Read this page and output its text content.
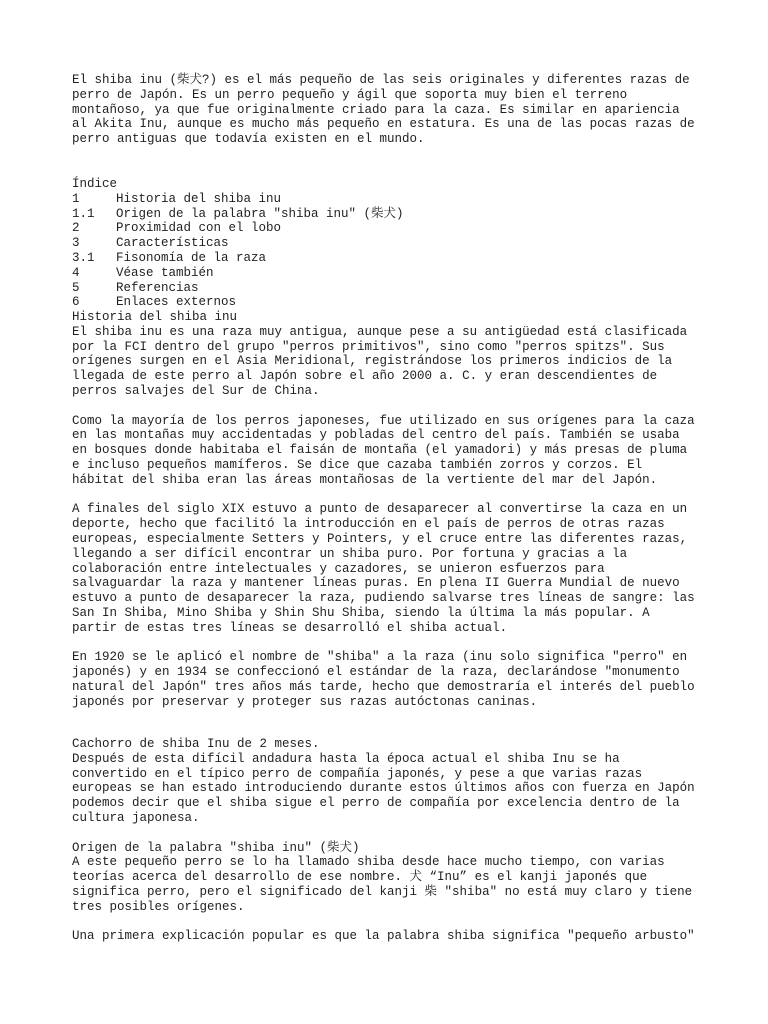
El shiba inu (柴犬?) es el más pequeño de las seis originales y diferentes razas de
perro de Japón. Es un perro pequeño y ágil que soporta muy bien el terreno
montañoso, ya que fue originalmente criado para la caza. Es similar en apariencia
al Akita Inu, aunque es mucho más pequeño en estatura. Es una de las pocas razas de
perro antiguas que todavía existen en el mundo.

Índice
1	Historia del shiba inu
1.1	Origen de la palabra "shiba inu" (柴犬)
2	Proximidad con el lobo
3	Características
3.1	Fisonomía de la raza
4	Véase también
5	Referencias
6	Enlaces externos
Historia del shiba inu

El shiba inu es una raza muy antigua, aunque pese a su antigüedad está clasificada
por la FCI dentro del grupo "perros primitivos", sino como "perros spitzs". Sus
orígenes surgen en el Asia Meridional, registrándose los primeros indicios de la
llegada de este perro al Japón sobre el año 2000 a. C. y eran descendientes de
perros salvajes del Sur de China.

Como la mayoría de los perros japoneses, fue utilizado en sus orígenes para la caza
en las montañas muy accidentadas y pobladas del centro del país. También se usaba
en bosques donde habitaba el faisán de montaña (el yamadori) y más presas de pluma
e incluso pequeños mamíferos. Se dice que cazaba también zorros y corzos. El
hábitat del shiba eran las áreas montañosas de la vertiente del mar del Japón.

A finales del siglo XIX estuvo a punto de desaparecer al convertirse la caza en un
deporte, hecho que facilitó la introducción en el país de perros de otras razas
europeas, especialmente Setters y Pointers, y el cruce entre las diferentes razas,
llegando a ser difícil encontrar un shiba puro. Por fortuna y gracias a la
colaboración entre intelectuales y cazadores, se unieron esfuerzos para
salvaguardar la raza y mantener líneas puras. En plena II Guerra Mundial de nuevo
estuvo a punto de desaparecer la raza, pudiendo salvarse tres líneas de sangre: las
San In Shiba, Mino Shiba y Shin Shu Shiba, siendo la última la más popular. A
partir de estas tres líneas se desarrolló el shiba actual.

En 1920 se le aplicó el nombre de "shiba" a la raza (inu solo significa "perro" en
japonés) y en 1934 se confeccionó el estándar de la raza, declarándose "monumento
natural del Japón" tres años más tarde, hecho que demostraría el interés del pueblo
japonés por preservar y proteger sus razas autóctonas caninas.

Cachorro de shiba Inu de 2 meses.

Después de esta difícil andadura hasta la época actual el shiba Inu se ha
convertido en el típico perro de compañía japonés, y pese a que varias razas
europeas se han estado introduciendo durante estos últimos años con fuerza en Japón
podemos decir que el shiba sigue el perro de compañía por excelencia dentro de la
cultura japonesa.

Origen de la palabra "shiba inu" (柴犬)

A este pequeño perro se lo ha llamado shiba desde hace mucho tiempo, con varias
teorías acerca del desarrollo de ese nombre. 犬 “Inu” es el kanji japonés que
significa perro, pero el significado del kanji 柴 "shiba" no está muy claro y tiene
tres posibles orígenes.

Una primera explicación popular es que la palabra shiba significa "pequeño arbusto"
